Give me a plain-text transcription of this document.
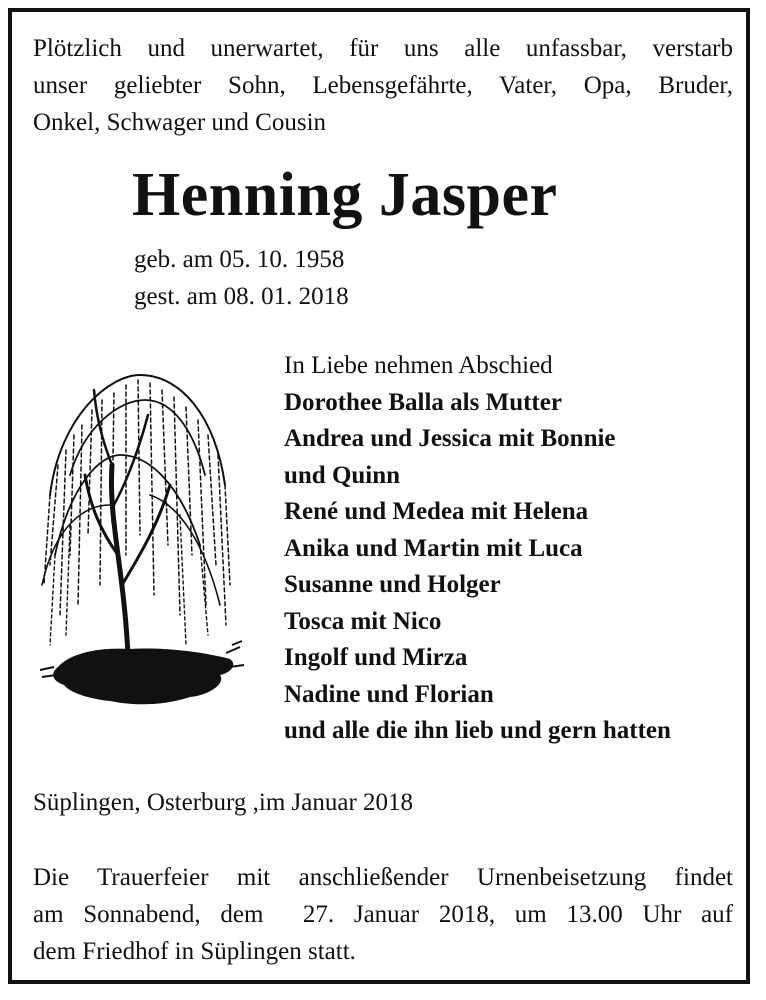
Plötzlich und unerwartet, für uns alle unfassbar, verstarb
unser geliebter Sohn, Lebensgefährte, Vater, Opa, Bruder,
Onkel, Schwager und Cousin
Henning Jasper
geb. am 05. 10. 1958
gest. am 08. 01. 2018
In Liebe nehmen Abschied
Dorothee Balla als Mutter
Andrea und Jessica mit Bonnie
und Quinn
René und Medea mit Helena
Anika und Martin mit Luca
Susanne und Holger
Tosca mit Nico
Ingolf und Mirza
Nadine und Florian
und alle die ihn lieb und gern hatten
Süplingen, Osterburg ,im Januar 2018
Die Trauerfeier mit anschließender Urnenbeisetzung findet
am Sonnabend, dem  27. Januar 2018, um 13.00 Uhr auf
dem Friedhof in Süplingen statt.
